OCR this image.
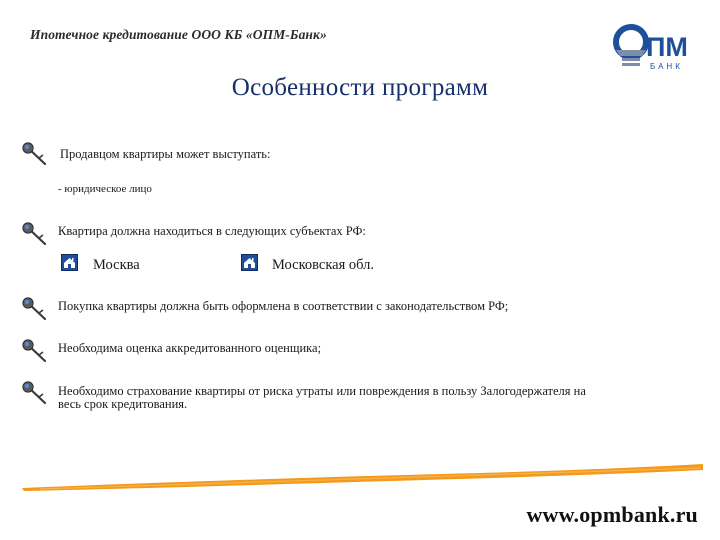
Ипотечное кредитование ООО КБ «ОПМ-Банк»	ПМ
БАНК
Особенности программ
Продавцом квартиры может выступать:
- юридическое лицо
Квартира должна находиться в следующих субъектах РФ:
Москва	Московская обл.
Покупка квартиры должна быть оформлена в соответствии с законодательством РФ;
Необходима оценка аккредитованного оценщика;
Необходимо страхование квартиры от риска утраты или повреждения в пользу Залогодержателя на
весь срок кредитования.
www.opmbank.ru
